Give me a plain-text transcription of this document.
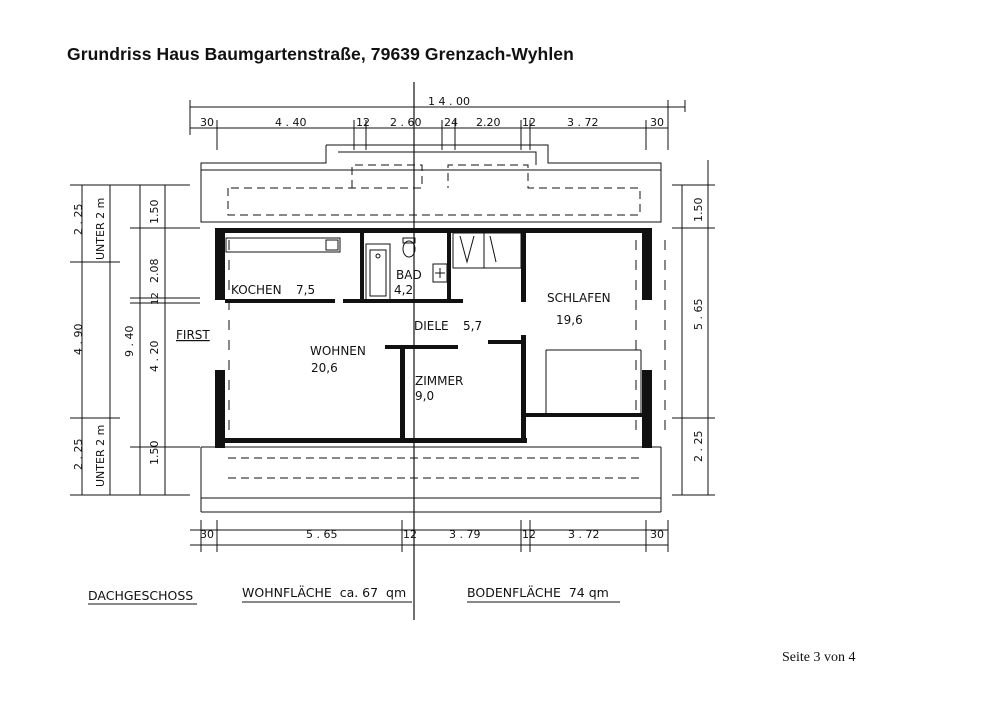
Grundriss Haus Baumgartenstraße, 79639 Grenzach-Wyhlen
KOCHEN 7,5
BAD
4,2
SCHLAFEN
19,6
DIELE 5,7
WOHNEN
20,6
ZIMMER
9,0
FIRST
1 4 . 00
30	4 . 40	12 2 . 60 24 2.20 12	3 . 72	30
30	5 . 65	12	3 . 79	12	3 . 72	30
2 . 25
4 . 90
2 . 25
UNTER 2 m
UNTER 2 m
9 . 40
1.50
2.08
12
4 . 20
1.50
1.50
5 . 65
2 . 25
DACHGESCHOSS	WOHNFLÄCHE  ca. 67  qm	BODENFLÄCHE  74 qm
Seite 3 von 4
